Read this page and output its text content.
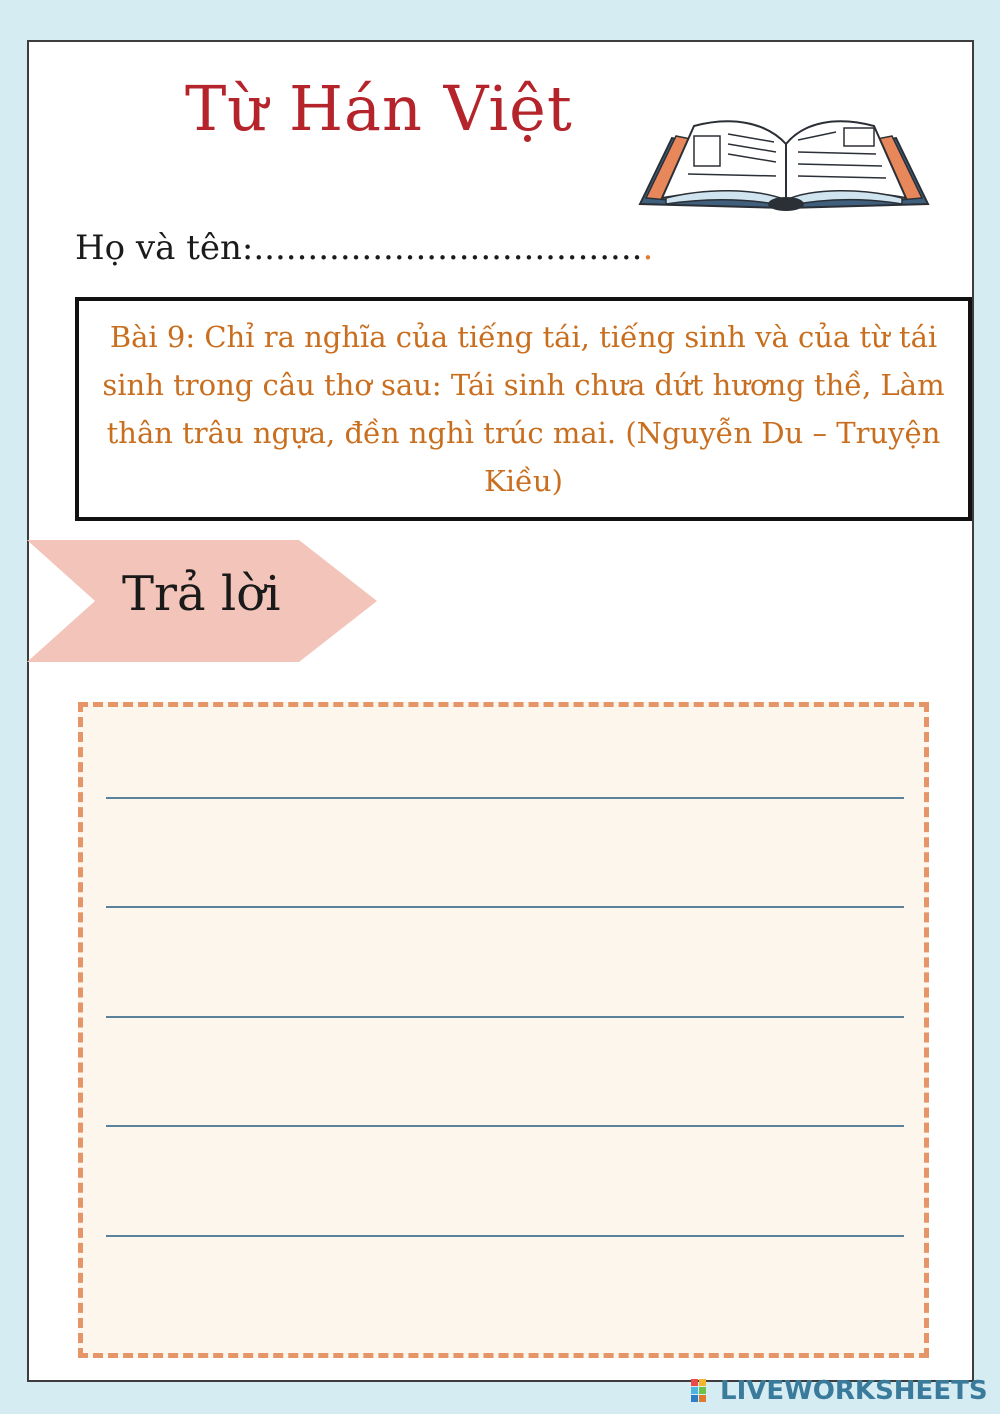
Từ Hán Việt
Họ và tên:.....................................

Bài 9: Chỉ ra nghĩa của tiếng tái, tiếng sinh và của từ tái sinh trong câu thơ sau: Tái sinh chưa dứt hương thề, Làm thân trâu ngựa, đền nghì trúc mai. (Nguyễn Du – Truyện Kiều)

Trả lời
LIVEWORKSHEETS
